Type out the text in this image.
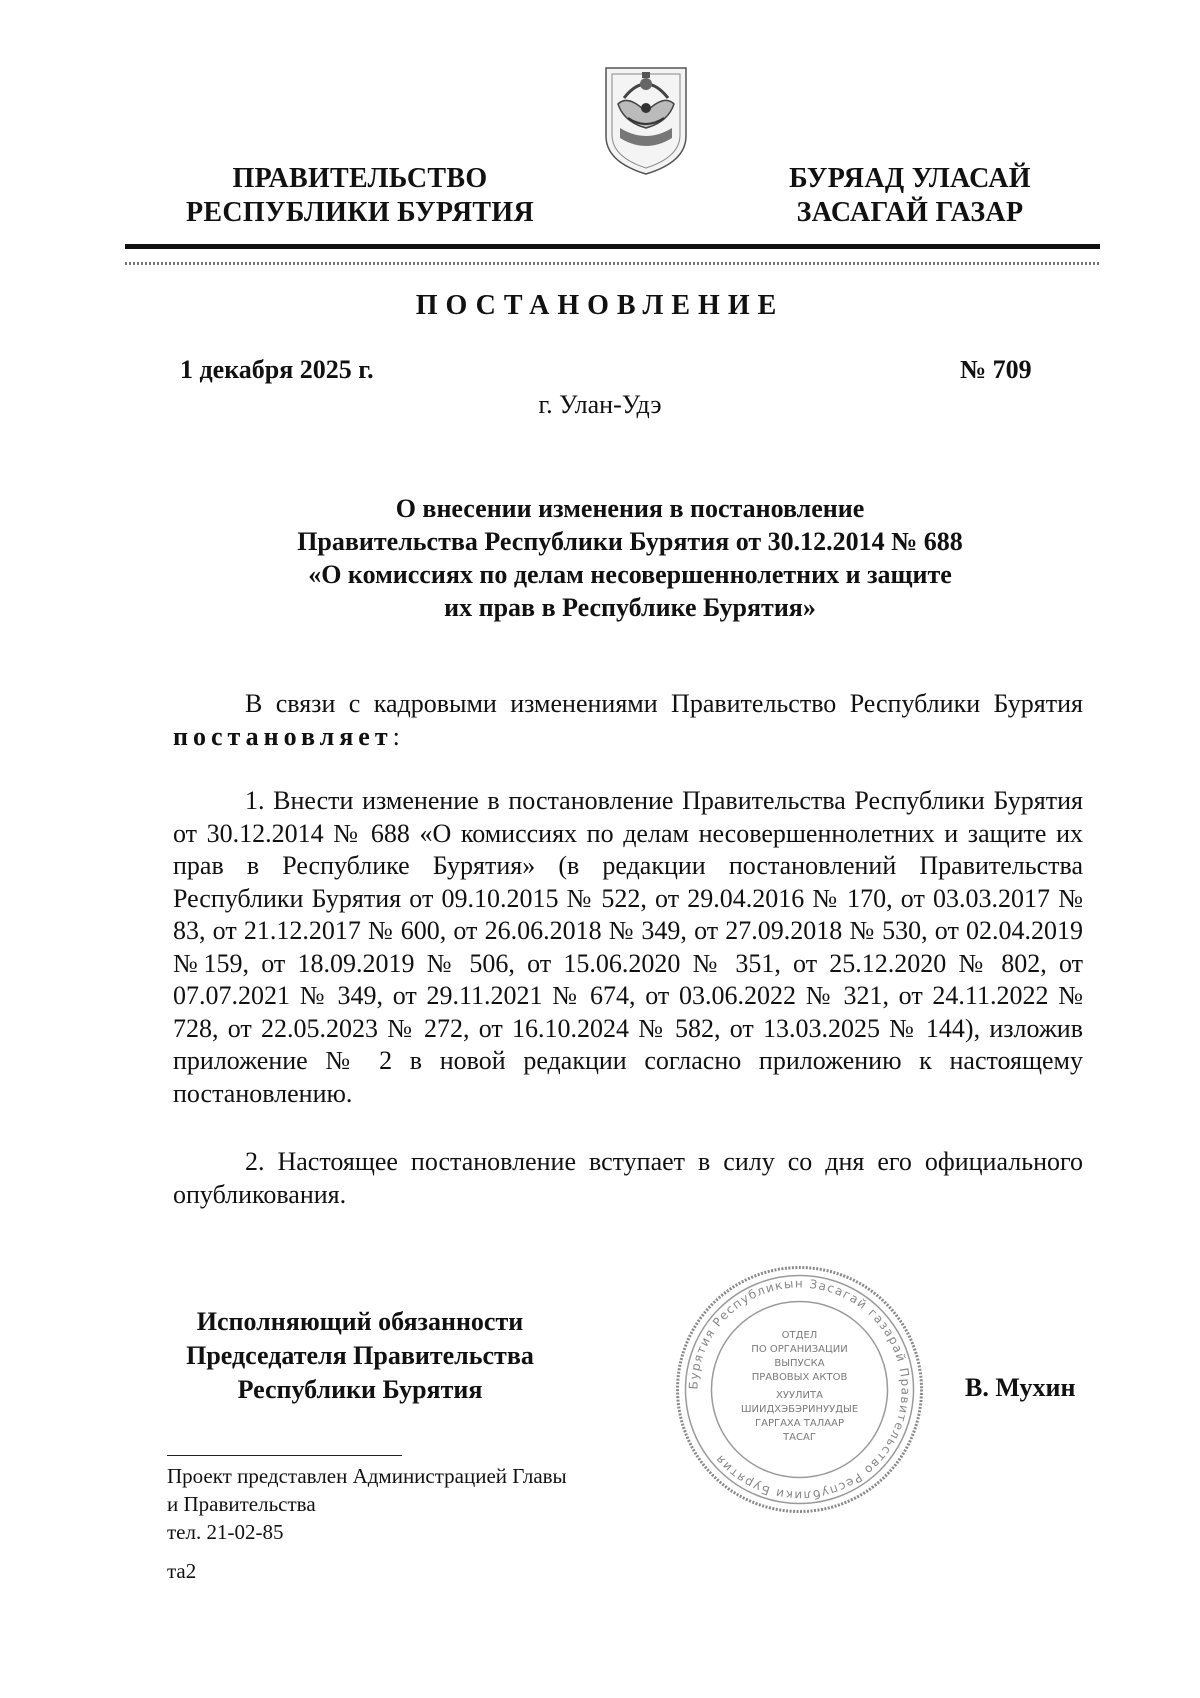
ПРАВИТЕЛЬСТВО
РЕСПУБЛИКИ БУРЯТИЯ
БУРЯАД УЛАСАЙ
ЗАСАГАЙ ГАЗАР
ПОСТАНОВЛЕНИЕ
1 декабря 2025 г.	№ 709
г. Улан-Удэ
О внесении изменения в постановление
Правительства Республики Бурятия от 30.12.2014 № 688
«О комиссиях по делам несовершеннолетних и защите
их прав в Республике Бурятия»

В связи с кадровыми изменениями Правительство Республики Бурятия постановляет:

1. Внести изменение в постановление Правительства Республики Бурятия от 30.12.2014 № 688 «О комиссиях по делам несовершеннолетних и защите их прав в Республике Бурятия» (в редакции постановлений Правительства Республики Бурятия от 09.10.2015 № 522, от 29.04.2016 № 170, от 03.03.2017 № 83, от 21.12.2017 № 600, от 26.06.2018 № 349, от 27.09.2018 № 530, от 02.04.2019 №159, от 18.09.2019 № 506, от 15.06.2020 № 351, от 25.12.2020 № 802, от 07.07.2021 № 349, от 29.11.2021 № 674, от 03.06.2022 № 321, от 24.11.2022 № 728, от 22.05.2023 № 272, от 16.10.2024 № 582, от 13.03.2025 № 144), изложив приложение № 2 в новой редакции согласно приложению к настоящему постановлению.

2. Настоящее постановление вступает в силу со дня его официального опубликования.

Исполняющий обязанности
Председателя Правительства
Республики Бурятия	Бурятия Республикын Засагай газарай Правительство Республики Бурятия
ОТДЕЛ
ПО ОРГАНИЗАЦИИ
ВЫПУСКА
ПРАВОВЫХ АКТОВ
ХУУЛИТА
ШИИДХЭБЭРИНУУДЫЕ
ГАРГАХА ТАЛААР
ТАСАГ
В. Мухин
Проект представлен Администрацией Главы
и Правительства
тел. 21-02-85
та2
